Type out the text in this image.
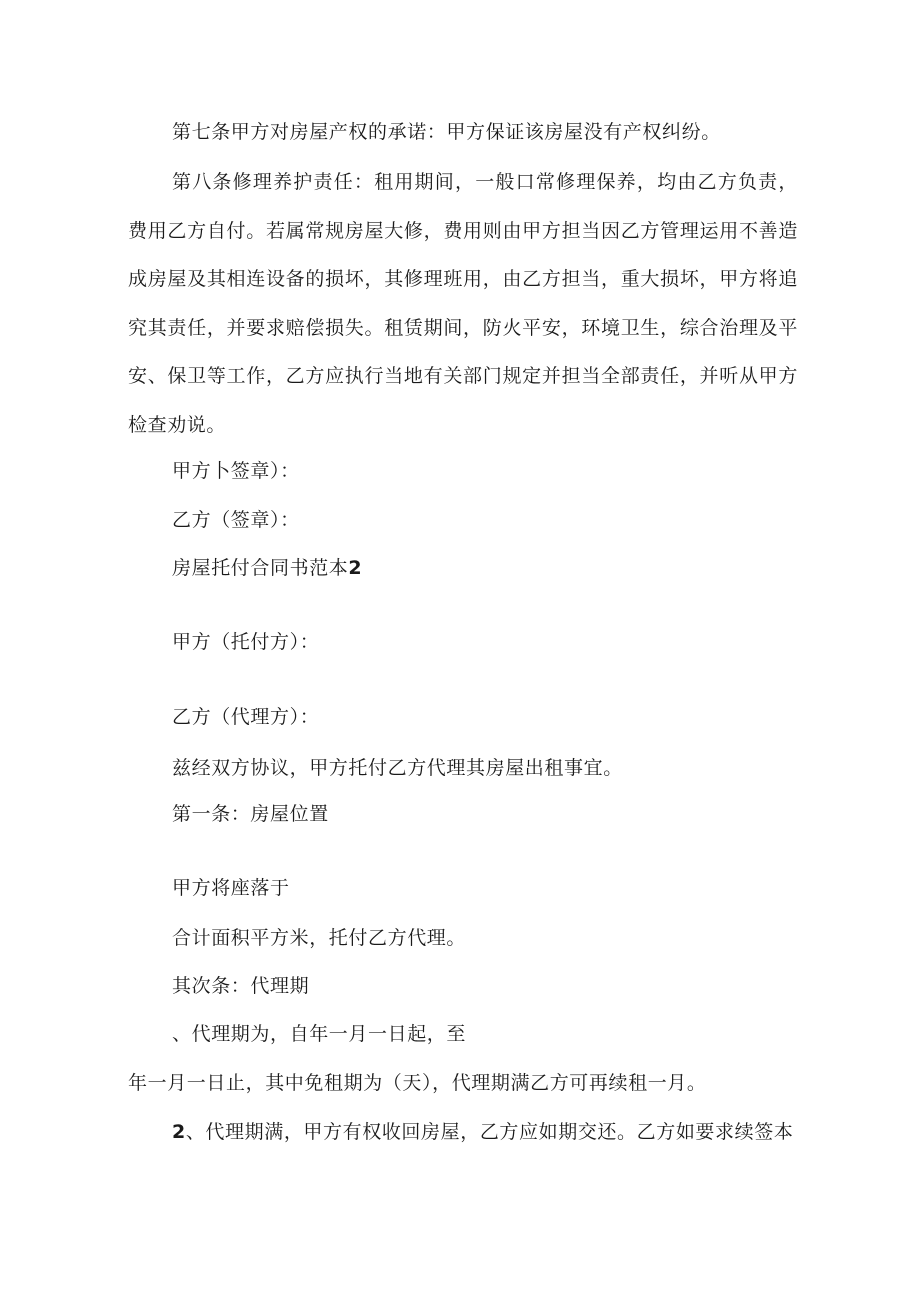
第七条甲方对房屋产权的承诺：甲方保证该房屋没有产权纠纷。
第八条修理养护责任：租用期间，一般口常修理保养，均由乙方负责，费用乙方自付。若属常规房屋大修，费用则由甲方担当因乙方管理运用不善造成房屋及其相连设备的损坏，其修理班用，由乙方担当，重大损坏，甲方将追究其责任，并要求赔偿损失。租赁期间，防火平安，环境卫生，综合治理及平安、保卫等工作，乙方应执行当地有关部门规定并担当全部责任，并听从甲方检查劝说。
甲方卜签章）：
乙方（签章）：
房屋托付合同书范本2
甲方（托付方）：
乙方（代理方）：
兹经双方协议，甲方托付乙方代理其房屋出租事宜。
第一条：房屋位置
甲方将座落于
合计面积平方米，托付乙方代理。
其次条：代理期
、代理期为，自年一月一日起，至
年一月一日止，其中免租期为（天），代理期满乙方可再续租一月。
2、代理期满，甲方有权收回房屋，乙方应如期交还。乙方如要求续签本
